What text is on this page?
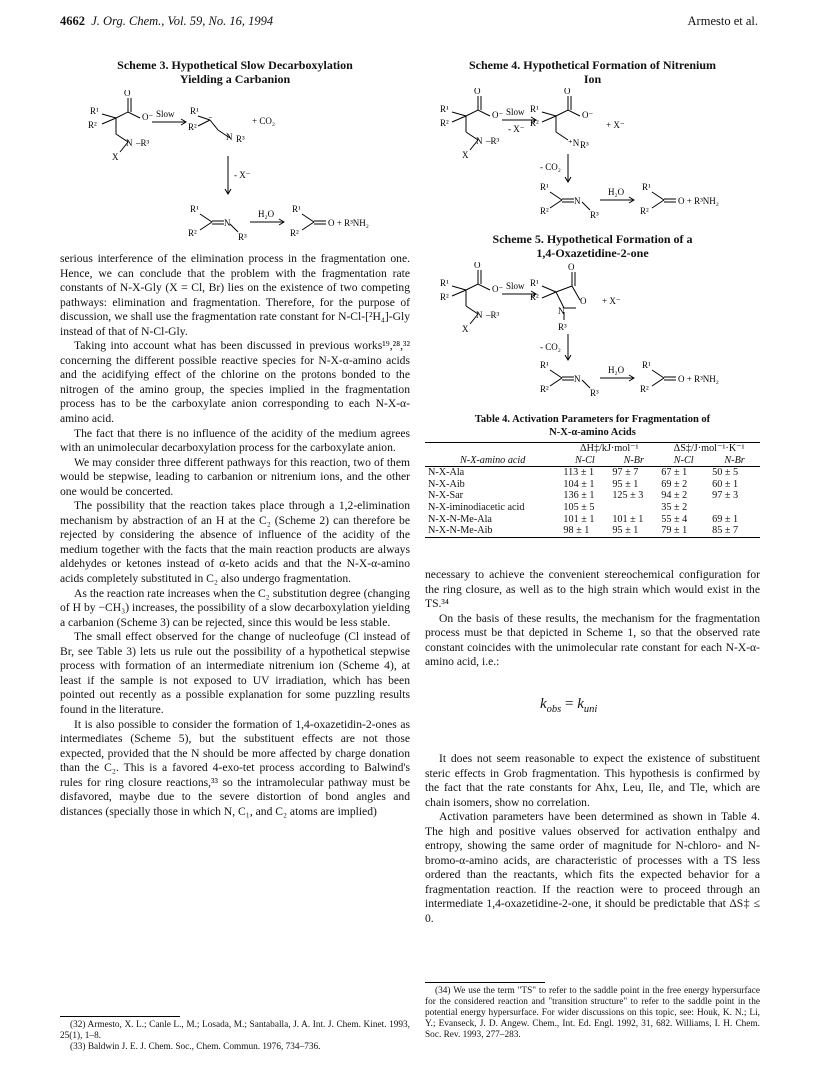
4662 J. Org. Chem., Vol. 59, No. 16, 1994	Armesto et al.
Scheme 3. Hypothetical Slow Decarboxylation
Yielding a Carbanion
O
O⁻
R¹
R²
N –R³
X
Slow R¹
R²
⁻
N R³
+ CO₂
- X⁻
R¹
R²
N
R³
H₂O R¹
R²
O + R³NH₂

serious interference of the elimination process in the fragmentation one. Hence, we can conclude that the problem with the fragmentation rate constants of N-X-Gly (X = Cl, Br) lies on the existence of two competing pathways: elimination and fragmentation. Therefore, for the purpose of discussion, we shall use the fragmentation rate constant for N-Cl-[²H₄]-Gly instead of that of N-Cl-Gly.

Taking into account what has been discussed in previous works¹⁹,²⁸,³² concerning the different possible reactive species for N-X-α-amino acids and the acidifying effect of the chlorine on the protons bonded to the nitrogen of the amino group, the species implied in the fragmentation process has to be the carboxylate anion corresponding to each N-X-α-amino acid.

The fact that there is no influence of the acidity of the medium agrees with an unimolecular decarboxylation process for the carboxylate anion.

We may consider three different pathways for this reaction, two of them would be stepwise, leading to carbanion or nitrenium ions, and the other one would be concerted.

The possibility that the reaction takes place through a 1,2-elimination mechanism by abstraction of an H at the C₂ (Scheme 2) can therefore be rejected by considering the absence of influence of the acidity of the medium together with the facts that the main reaction products are always aldehydes or ketones instead of α-keto acids and that the N-X-α-amino acids completely substituted in C₂ also undergo fragmentation.

As the reaction rate increases when the C₂ substitution degree (changing of H by −CH₃) increases, the possibility of a slow decarboxylation yielding a carbanion (Scheme 3) can be rejected, since this would be less stable.

The small effect observed for the change of nucleofuge (Cl instead of Br, see Table 3) lets us rule out the possibility of a hypothetical stepwise process with formation of an intermediate nitrenium ion (Scheme 4), at least if the sample is not exposed to UV irradiation, which has been pointed out recently as a possible explanation for some puzzling results found in the literature.

It is also possible to consider the formation of 1,4-oxazetidin-2-ones as intermediates (Scheme 5), but the substituent effects are not those expected, provided that the N should be more affected by charge donation than the C₂. This is a favored 4-exo-tet process according to Balwind's rules for ring closure reactions,³³ so the intramolecular pathway must be disfavored, maybe due to the severe distortion of bond angles and distances (specially those in which N, C₁, and C₂ atoms are implied)

(32) Armesto, X. L.; Canle L., M.; Losada, M.; Santaballa, J. A. Int. J. Chem. Kinet. 1993, 25(1), 1–8.

(33) Baldwin J. E. J. Chem. Soc., Chem. Commun. 1976, 734–736.

Scheme 4. Hypothetical Formation of Nitrenium
Ion
O
O⁻
R¹
R²
N –R³
X
Slow
- X⁻
O
O⁻
R¹
R²
⁺N R³
+ X⁻
- CO₂
R¹
R²
N
R³
H₂O R¹
R²
O + R³NH₂
Scheme 5. Hypothetical Formation of a
1,4-Oxazetidine-2-one
O
O⁻
R¹
R²
N –R³
X
Slow
O
O
R¹
R²
N
R³
+ X⁻
- CO₂
R¹
R²
N
R³
H₂O R¹
R²
O + R³NH₂
Table 4. Activation Parameters for Fragmentation of
N-X-α-amino Acids
	ΔH‡/kJ·mol⁻¹		ΔS‡/J·mol⁻¹·K⁻¹	
N-X-amino acid	N-Cl	N-Br	N-Cl	N-Br
N-X-Ala	113 ± 1	97 ± 7	67 ± 1	50 ± 5
N-X-Aib	104 ± 1	95 ± 1	69 ± 2	60 ± 1
N-X-Sar	136 ± 1	125 ± 3	94 ± 2	97 ± 3
N-X-iminodiacetic acid	105 ± 5		35 ± 2	
N-X-N-Me-Ala	101 ± 1	101 ± 1	55 ± 4	69 ± 1
N-X-N-Me-Aib	98 ± 1	95 ± 1	79 ± 1	85 ± 7

necessary to achieve the convenient stereochemical configuration for the ring closure, as well as to the high strain which would exist in the TS.³⁴

On the basis of these results, the mechanism for the fragmentation process must be that depicted in Scheme 1, so that the observed rate constant coincides with the unimolecular rate constant for each N-X-α-amino acid, i.e.:

$k_{obs} = k_{uni}$

It does not seem reasonable to expect the existence of substituent steric effects in Grob fragmentation. This hypothesis is confirmed by the fact that the rate constants for Ahx, Leu, Ile, and Tle, which are chain isomers, show no correlation.

Activation parameters have been determined as shown in Table 4. The high and positive values observed for activation enthalpy and entropy, showing the same order of magnitude for N-chloro- and N-bromo-α-amino acids, are characteristic of processes with a TS less ordered than the reactants, which fits the expected behavior for a fragmentation reaction. If the reaction were to proceed through an intermediate 1,4-oxazetidine-2-one, it should be predictable that ΔS‡ ≤ 0.

(34) We use the term "TS" to refer to the saddle point in the free energy hypersurface for the considered reaction and "transition structure" to refer to the saddle point in the potential energy hypersurface. For wider discussions on this topic, see: Houk, K. N.; Li, Y.; Evanseck, J. D. Angew. Chem., Int. Ed. Engl. 1992, 31, 682. Williams, I. H. Chem. Soc. Rev. 1993, 277–283.
